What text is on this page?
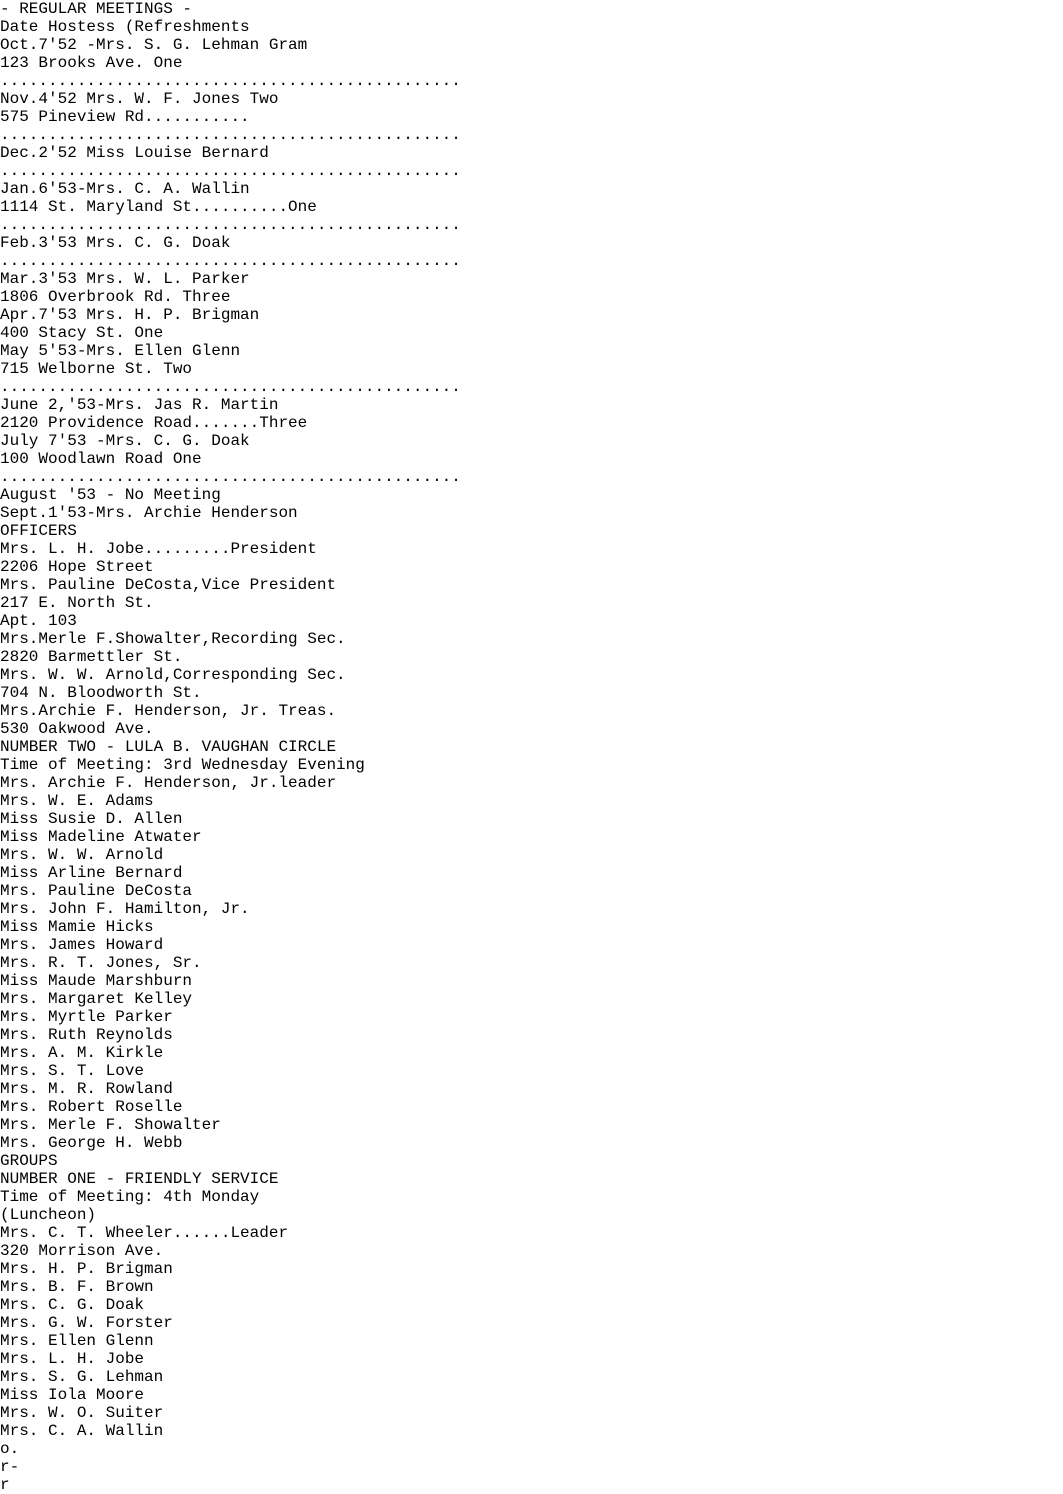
- REGULAR MEETINGS -
Date Hostess (Refreshments
Oct.7'52 -Mrs. S. G. Lehman Gram
123 Brooks Ave. One
................................................
Nov.4'52 Mrs. W. F. Jones Two
575 Pineview Rd...........
................................................
Dec.2'52 Miss Louise Bernard
................................................
Jan.6'53-Mrs. C. A. Wallin
1114 St. Maryland St..........One
................................................
Feb.3'53 Mrs. C. G. Doak
................................................
Mar.3'53 Mrs. W. L. Parker
1806 Overbrook Rd. Three
Apr.7'53 Mrs. H. P. Brigman
400 Stacy St. One
May 5'53-Mrs. Ellen Glenn
715 Welborne St. Two
................................................
June 2,'53-Mrs. Jas R. Martin
2120 Providence Road.......Three
July 7'53 -Mrs. C. G. Doak
100 Woodlawn Road One
................................................
August '53 - No Meeting
Sept.1'53-Mrs. Archie Henderson
OFFICERS
Mrs. L. H. Jobe.........President
2206 Hope Street
Mrs. Pauline DeCosta,Vice President
217 E. North St.
Apt. 103
Mrs.Merle F.Showalter,Recording Sec.
2820 Barmettler St.
Mrs. W. W. Arnold,Corresponding Sec.
704 N. Bloodworth St.
Mrs.Archie F. Henderson, Jr. Treas.
530 Oakwood Ave.
NUMBER TWO - LULA B. VAUGHAN CIRCLE
Time of Meeting: 3rd Wednesday Evening
Mrs. Archie F. Henderson, Jr.leader
Mrs. W. E. Adams
Miss Susie D. Allen
Miss Madeline Atwater
Mrs. W. W. Arnold
Miss Arline Bernard
Mrs. Pauline DeCosta
Mrs. John F. Hamilton, Jr.
Miss Mamie Hicks
Mrs. James Howard
Mrs. R. T. Jones, Sr.
Miss Maude Marshburn
Mrs. Margaret Kelley
Mrs. Myrtle Parker
Mrs. Ruth Reynolds
Mrs. A. M. Kirkle
Mrs. S. T. Love
Mrs. M. R. Rowland
Mrs. Robert Roselle
Mrs. Merle F. Showalter
Mrs. George H. Webb
GROUPS
NUMBER ONE - FRIENDLY SERVICE
Time of Meeting: 4th Monday
(Luncheon)
Mrs. C. T. Wheeler......Leader
320 Morrison Ave.
Mrs. H. P. Brigman
Mrs. B. F. Brown
Mrs. C. G. Doak
Mrs. G. W. Forster
Mrs. Ellen Glenn
Mrs. L. H. Jobe
Mrs. S. G. Lehman
Miss Iola Moore
Mrs. W. O. Suiter
Mrs. C. A. Wallin
o.
r-
r
